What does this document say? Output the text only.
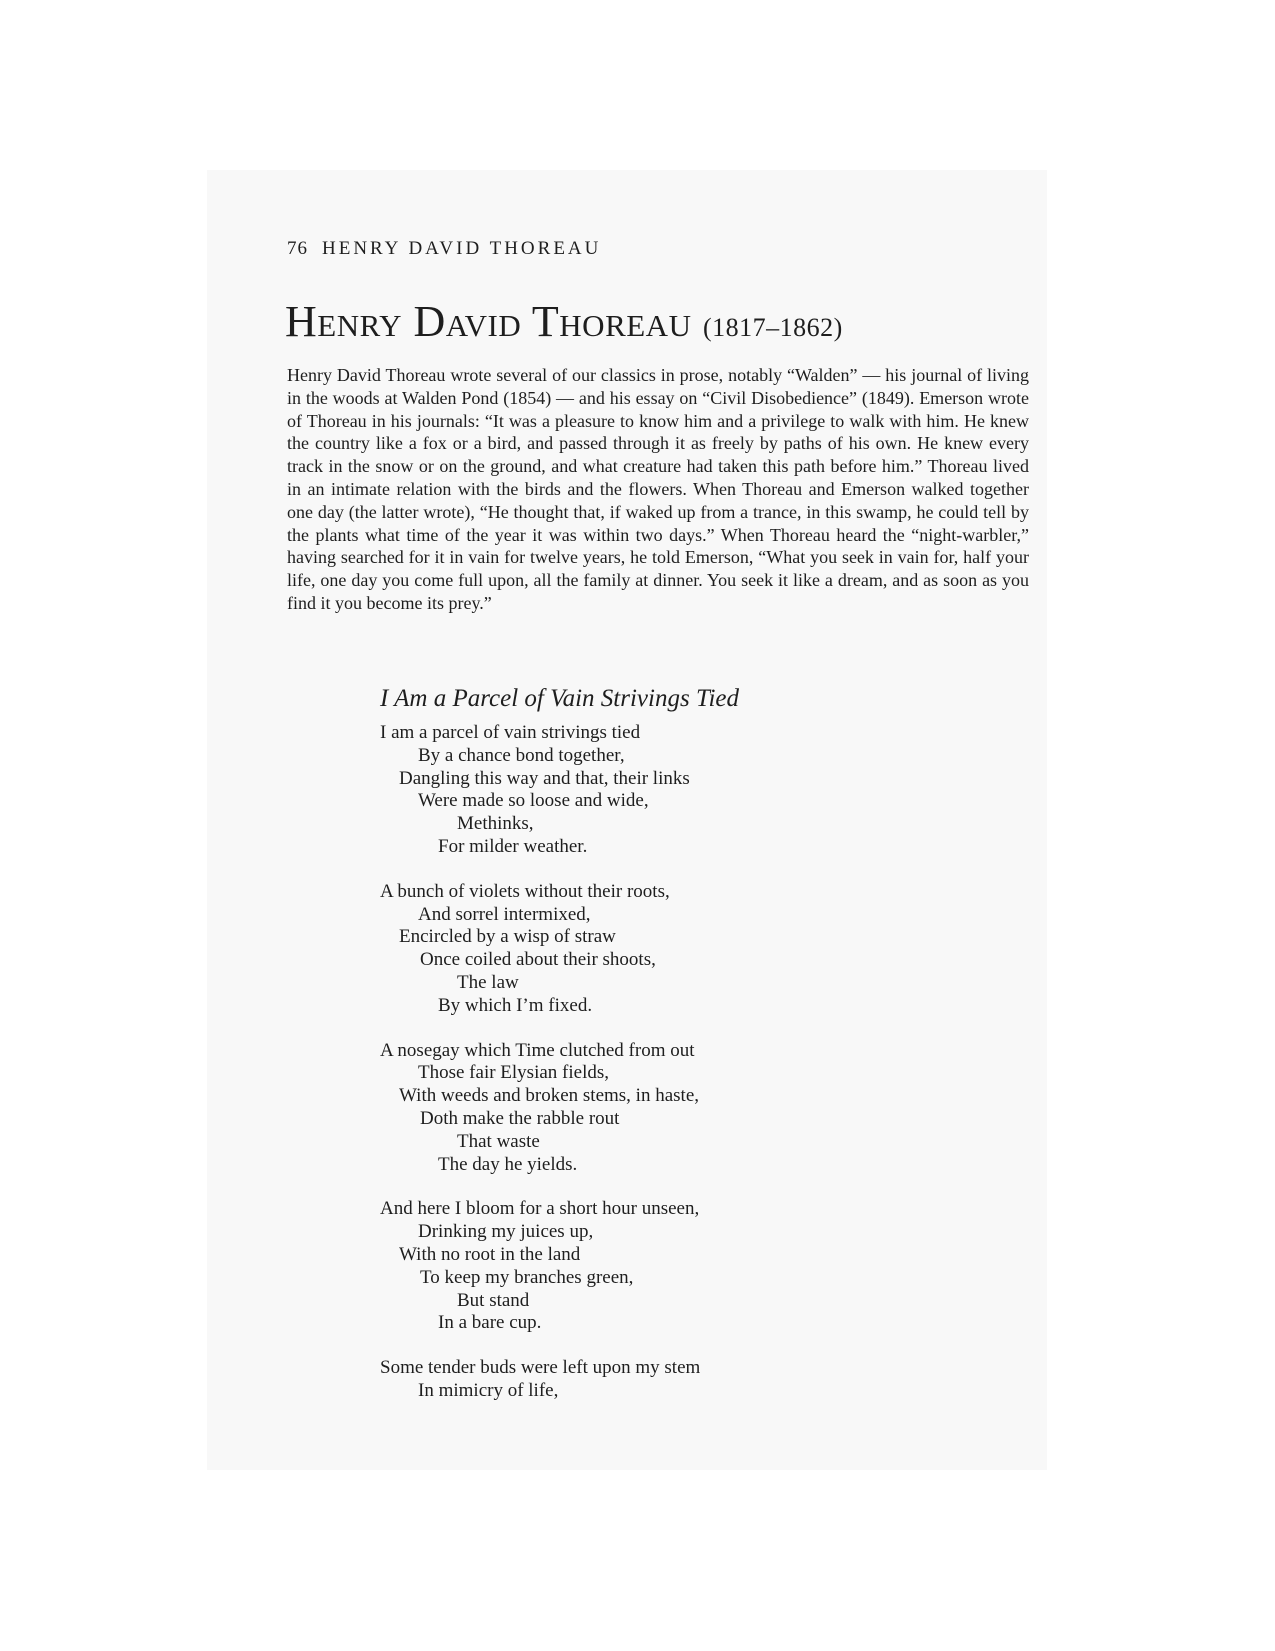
76 HENRY DAVID THOREAU
Henry David Thoreau (1817–1862)

Henry David Thoreau wrote several of our classics in prose, notably “Walden” — his journal of living in the woods at Walden Pond (1854) — and his essay on “Civil Disobedience” (1849). Emerson wrote of Thoreau in his journals: “It was a pleasure to know him and a privilege to walk with him. He knew the country like a fox or a bird, and passed through it as freely by paths of his own. He knew every track in the snow or on the ground, and what creature had taken this path before him.” Thoreau lived in an intimate relation with the birds and the flowers. When Thoreau and Emerson walked together one day (the latter wrote), “He thought that, if waked up from a trance, in this swamp, he could tell by the plants what time of the year it was within two days.” When Thoreau heard the “night-warbler,” having searched for it in vain for twelve years, he told Emerson, “What you seek in vain for, half your life, one day you come full upon, all the family at dinner. You seek it like a dream, and as soon as you find it you become its prey.”

I Am a Parcel of Vain Strivings Tied
I am a parcel of vain strivings tied
By a chance bond together,
Dangling this way and that, their links
Were made so loose and wide,
Methinks,
For milder weather.
A bunch of violets without their roots,
And sorrel intermixed,
Encircled by a wisp of straw
Once coiled about their shoots,
The law
By which I’m fixed.
A nosegay which Time clutched from out
Those fair Elysian fields,
With weeds and broken stems, in haste,
Doth make the rabble rout
That waste
The day he yields.
And here I bloom for a short hour unseen,
Drinking my juices up,
With no root in the land
To keep my branches green,
But stand
In a bare cup.
Some tender buds were left upon my stem
In mimicry of life,
